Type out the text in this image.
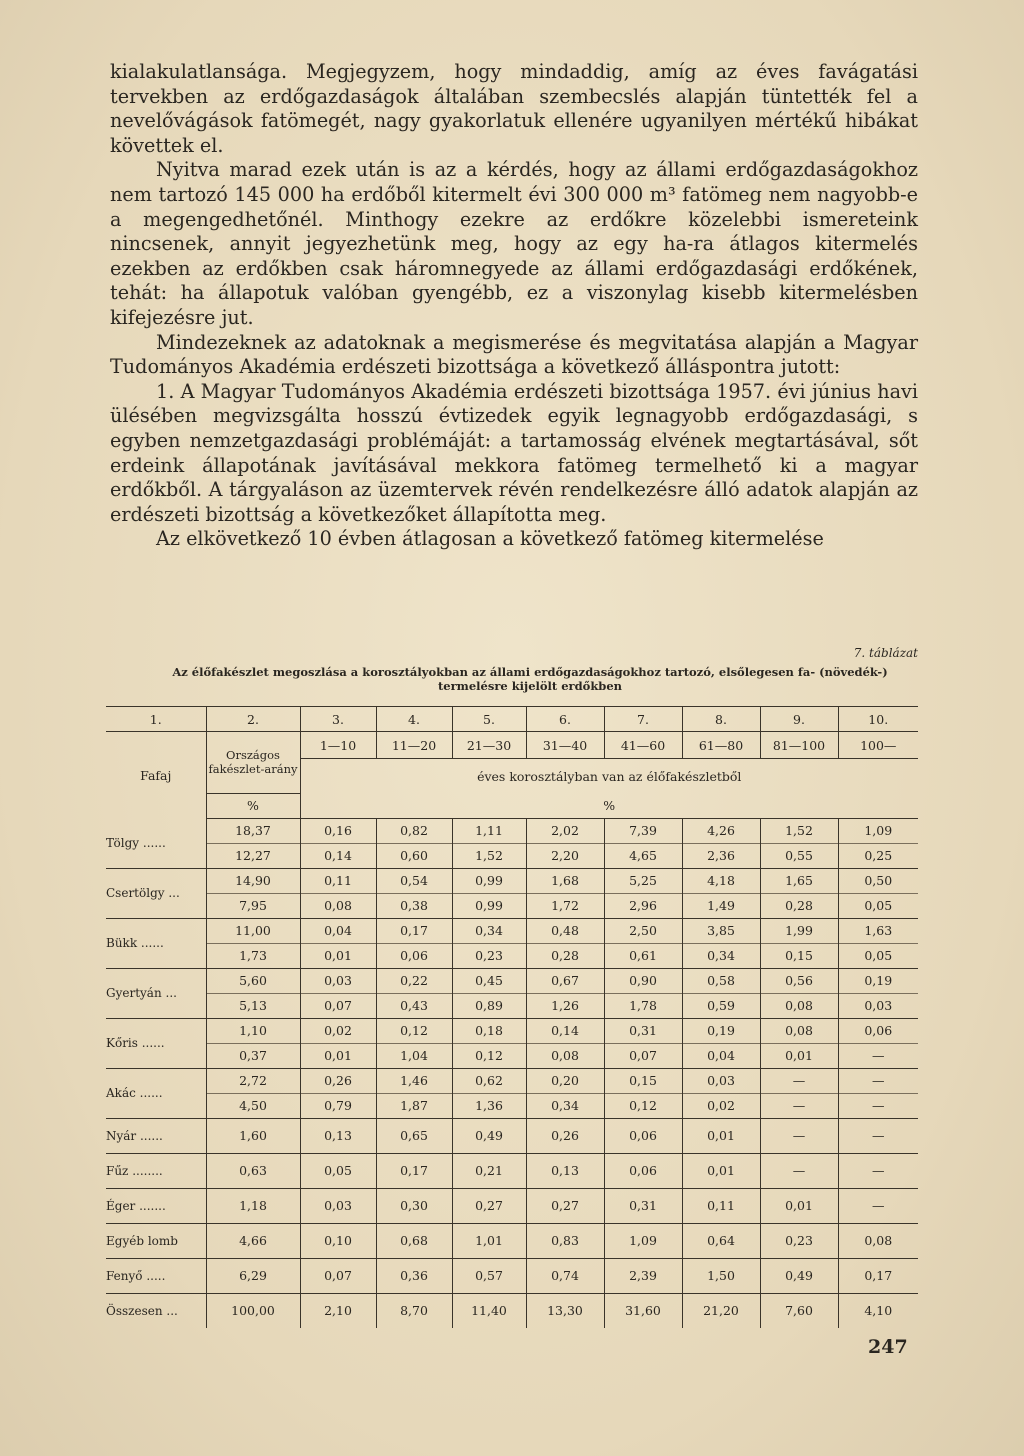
kialakulatlansága. Megjegyzem, hogy mindaddig, amíg az éves favágatási tervekben az erdőgazdaságok általában szembecslés alapján tüntették fel a nevelővágások fatömegét, nagy gyakorlatuk ellenére ugyanilyen mértékű hibákat követtek el.

Nyitva marad ezek után is az a kérdés, hogy az állami erdőgazdaságokhoz nem tartozó 145 000 ha erdőből kitermelt évi 300 000 m³ fatömeg nem nagyobb-e a megengedhetőnél. Minthogy ezekre az erdőkre közelebbi ismereteink nincsenek, annyit jegyezhetünk meg, hogy az egy ha-ra átlagos kitermelés ezekben az erdőkben csak háromnegyede az állami erdőgazdasági erdőkének, tehát: ha állapotuk valóban gyengébb, ez a viszonylag kisebb kitermelésben kifejezésre jut.

Mindezeknek az adatoknak a megismerése és megvitatása alapján a Magyar Tudományos Akadémia erdészeti bizottsága a következő álláspontra jutott:

1. A Magyar Tudományos Akadémia erdészeti bizottsága 1957. évi június havi ülésében megvizsgálta hosszú évtizedek egyik legnagyobb erdőgazdasági, s egyben nemzetgazdasági problémáját: a tartamosság elvének megtartásával, sőt erdeink állapotának javításával mekkora fatömeg termelhető ki a magyar erdőkből. A tárgyaláson az üzemtervek révén rendelkezésre álló adatok alapján az erdészeti bizottság a következőket állapította meg.

Az elkövetkező 10 évben átlagosan a következő fatömeg kitermelése

7. táblázat
Az élőfakészlet megoszlása a korosztályokban az állami erdőgazdaságokhoz tartozó, elsőlegesen fa- (növedék-) termelésre kijelölt erdőkben
1.	2.	3.	4.	5.	6.	7.	8.	9.	10.
Fafaj	Országos fakészlet-arány	1—10	11—20	21—30	31—40	41—60	61—80	81—100	100—
		éves korosztályban van az élőfakészletből							
	%	%							
Tölgy ......	18,37	0,16	0,82	1,11	2,02	7,39	4,26	1,52	1,09
	12,27	0,14	0,60	1,52	2,20	4,65	2,36	0,55	0,25
Csertölgy ...	14,90	0,11	0,54	0,99	1,68	5,25	4,18	1,65	0,50
	7,95	0,08	0,38	0,99	1,72	2,96	1,49	0,28	0,05
Bükk ......	11,00	0,04	0,17	0,34	0,48	2,50	3,85	1,99	1,63
	1,73	0,01	0,06	0,23	0,28	0,61	0,34	0,15	0,05
Gyertyán ...	5,60	0,03	0,22	0,45	0,67	0,90	0,58	0,56	0,19
	5,13	0,07	0,43	0,89	1,26	1,78	0,59	0,08	0,03
Kőris ......	1,10	0,02	0,12	0,18	0,14	0,31	0,19	0,08	0,06
	0,37	0,01	1,04	0,12	0,08	0,07	0,04	0,01	—
Akác ......	2,72	0,26	1,46	0,62	0,20	0,15	0,03	—	—
	4,50	0,79	1,87	1,36	0,34	0,12	0,02	—	—
Nyár ......	1,60	0,13	0,65	0,49	0,26	0,06	0,01	—	—
Fűz ........	0,63	0,05	0,17	0,21	0,13	0,06	0,01	—	—
Éger .......	1,18	0,03	0,30	0,27	0,27	0,31	0,11	0,01	—
Egyéb lomb	4,66	0,10	0,68	1,01	0,83	1,09	0,64	0,23	0,08
Fenyő .....	6,29	0,07	0,36	0,57	0,74	2,39	1,50	0,49	0,17
Összesen ...	100,00	2,10	8,70	11,40	13,30	31,60	21,20	7,60	4,10
247
